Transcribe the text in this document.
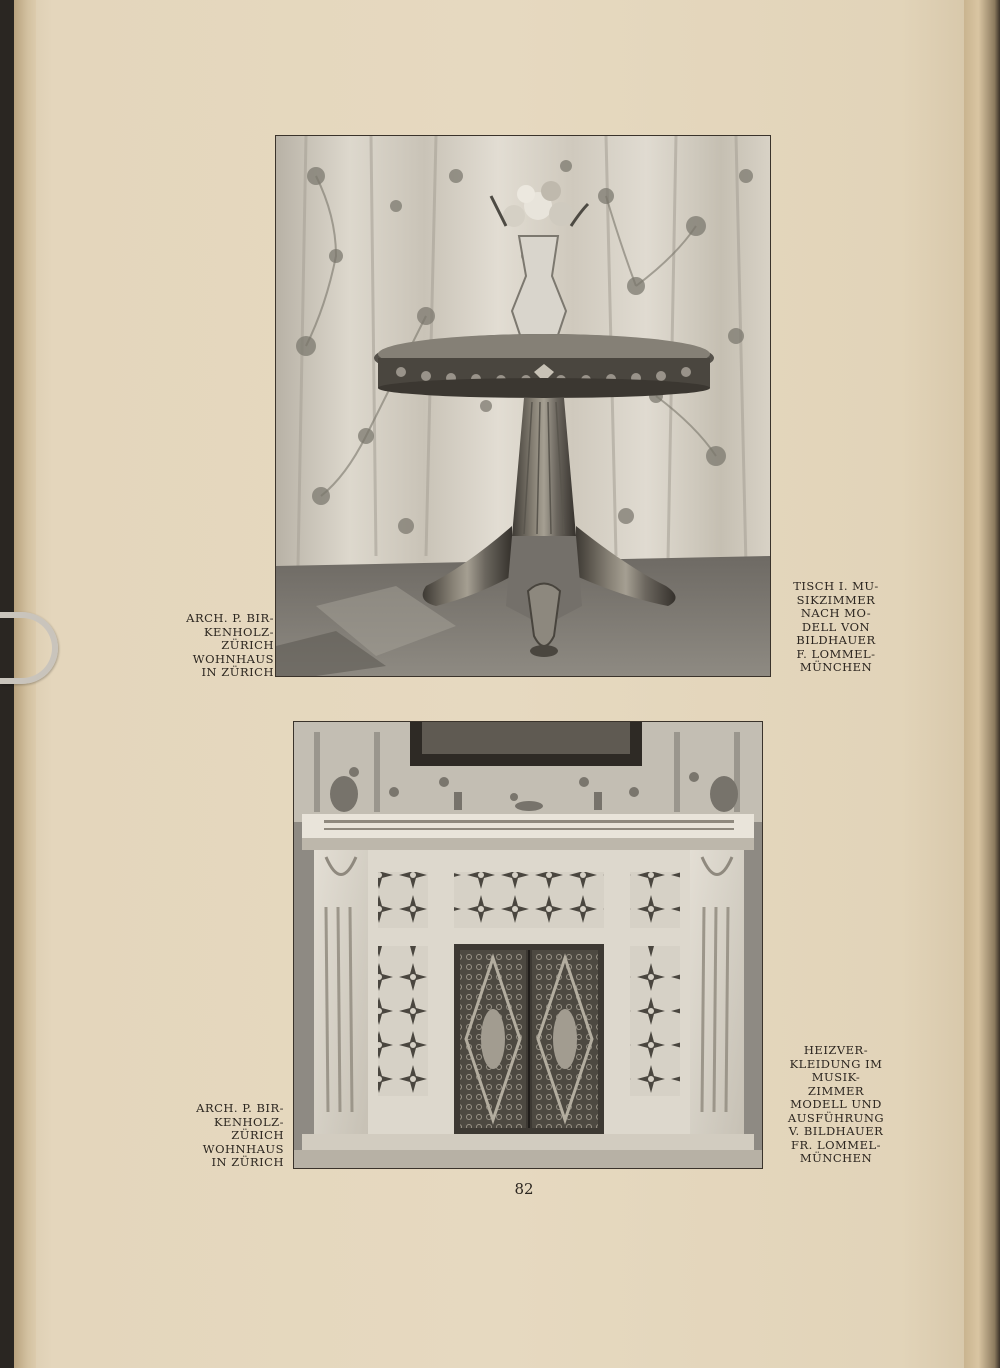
ARCH. P. BIR-
KENHOLZ-
ZÜRICH
WOHNHAUS
IN ZÜRICH
TISCH I. MU-
SIKZIMMER
NACH MO-
DELL VON
BILDHAUER
F. LOMMEL-
MÜNCHEN
ARCH. P. BIR-
KENHOLZ-
ZÜRICH
WOHNHAUS
IN ZÜRICH
HEIZVER-
KLEIDUNG IM
MUSIK-
ZIMMER
MODELL UND
AUSFÜHRUNG
V. BILDHAUER
FR. LOMMEL-
MÜNCHEN
82
